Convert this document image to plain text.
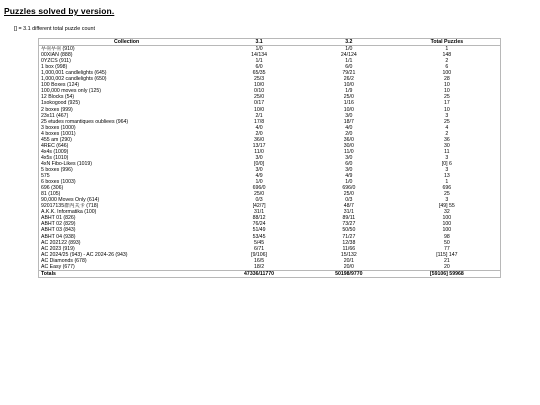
Puzzles solved by version.
[] = 3.1 different total puzzle count
Collection	3.1	3.2	Total Puzzles
푸쉬푸쉬 (910)	1/0	1/0	1
00XIAN (888)	14/134	24/124	148
0YZCS (911)	1/1	1/1	2
1 box (998)	6/0	6/0	6
1,000,001 candlelights (645)	65/35	79/21	100
1,000,002 candlelights (650)	25/3	26/2	28
100 Boxes (124)	10/0	10/0	10
100,000 moves only (125)	0/10	1/9	10
12 Blocks (54)	25/0	25/0	25
1sokogood (925)	0/17	1/16	17
2 boxes (999)	10/0	10/0	10
23x11 (467)	2/1	3/0	3
25 etudes romantiques oubliees (964)	17/8	18/7	25
3 boxes (1000)	4/0	4/0	4
4 boxes (1001)	2/0	2/0	2
455 am (290)	36/0	36/0	36
4REC (646)	13/17	30/0	30
4x4s (1009)	11/0	11/0	11
4x5s (1010)	3/0	3/0	3
4xN Fibo-Likes (1019)	[0/0]	6/0	[0] 6
5 boxes (996)	3/0	3/0	3
575	4/9	4/9	13
6 boxes (1003)	1/0	1/0	1
696 (306)	696/0	696/0	696
81 (105)	25/0	25/0	25
90,000 Moves Only (614)	0/3	0/3	3
92017135群内关卡 (718)	[42/7]	48/7	[49] 55
A.K.K. Informatika (100)	31/1	31/1	32
ABHT 01 (826)	88/12	89/11	100
ABHT 02 (829)	76/24	73/27	100
ABHT 03 (843)	51/49	50/50	100
ABHT 04 (938)	53/45	71/27	98
AC 202122 (893)	5/45	12/38	50
AC 2023 (919)	6/71	11/66	77
AC 2024/25 (943) - AC 2024-26 (943)	[9/106]	15/132	[115] 147
AC Diamonds (678)	16/5	20/1	21
AC Easy (677)	18/2	20/0	20
Totals	47336/11770	50198/9770	[59106] 59968
